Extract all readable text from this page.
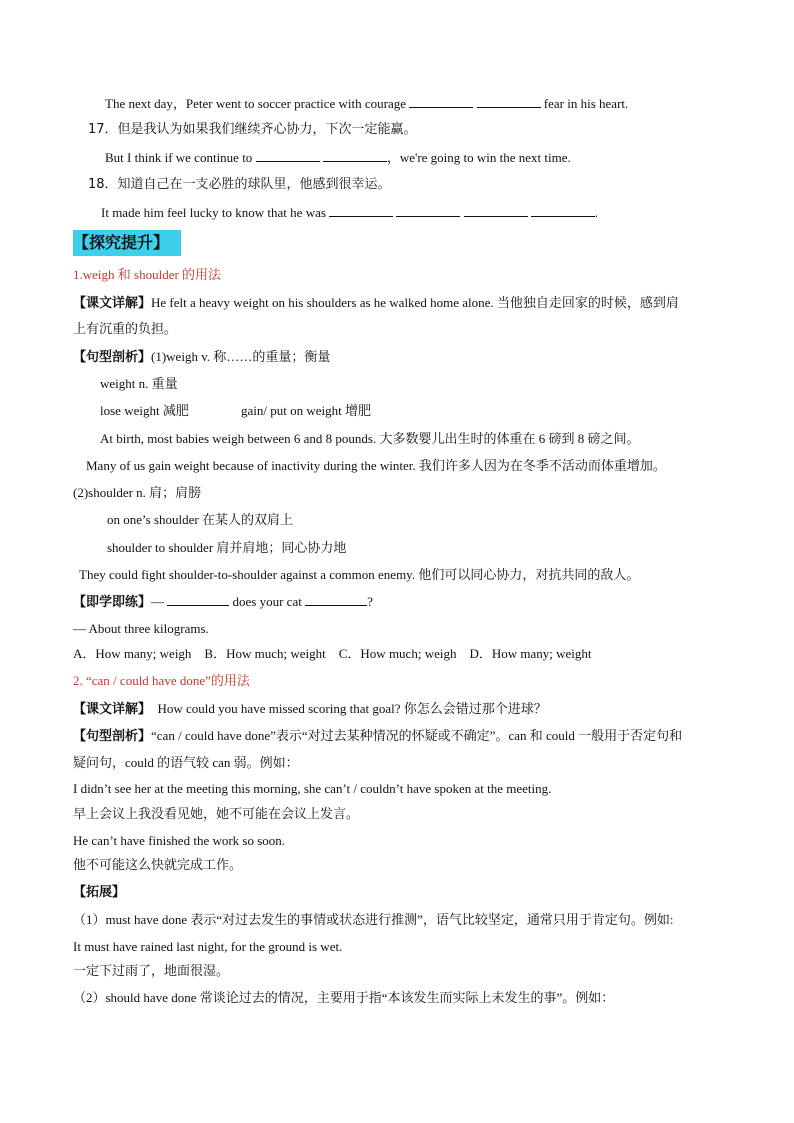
The next day，Peter went to soccer practice with courage	fear in his heart.
17．但是我认为如果我们继续齐心协力，下次一定能赢。
But I think if we continue to	，we're going to win the next time.
18．知道自己在一支必胜的球队里，他感到很幸运。
It made him feel lucky to know that he was	.
【探究提升】
1.weigh 和 shoulder 的用法
【课文详解】He felt a heavy weight on his shoulders as he walked home alone. 当他独自走回家的时候，感到肩
上有沉重的负担。
【句型剖析】(1)weigh v. 称……的重量；衡量
weight n. 重量
lose weight 减肥	gain/ put on weight 增肥
At birth, most babies weigh between 6 and 8 pounds. 大多数婴儿出生时的体重在 6 磅到 8 磅之间。
Many of us gain weight because of inactivity during the winter. 我们许多人因为在冬季不活动而体重增加。
(2)shoulder n. 肩；肩膀
on one’s shoulder 在某人的双肩上
shoulder to shoulder 肩并肩地；同心协力地
They could fight shoulder-to-shoulder against a common enemy. 他们可以同心协力，对抗共同的敌人。
【即学即练】—	does your cat	?
— About three kilograms.
A．How many; weigh    B．How much; weight    C．How much; weigh    D．How many; weight
2. “can / could have done”的用法
【课文详解】 How could you have missed scoring that goal? 你怎么会错过那个进球？
【句型剖析】“can / could have done”表示“对过去某种情况的怀疑或不确定”。can 和 could 一般用于否定句和
疑问句，could 的语气较 can 弱。例如：
I didn’t see her at the meeting this morning, she can’t / couldn’t have spoken at the meeting.
早上会议上我没看见她，她不可能在会议上发言。
He can’t have finished the work so soon.
他不可能这么快就完成工作。
【拓展】
（1）must have done 表示“对过去发生的事情或状态进行推测”，语气比较坚定，通常只用于肯定句。例如:
It must have rained last night, for the ground is wet.
一定下过雨了，地面很湿。
（2）should have done 常谈论过去的情况，主要用于指“本该发生而实际上未发生的事”。例如：
